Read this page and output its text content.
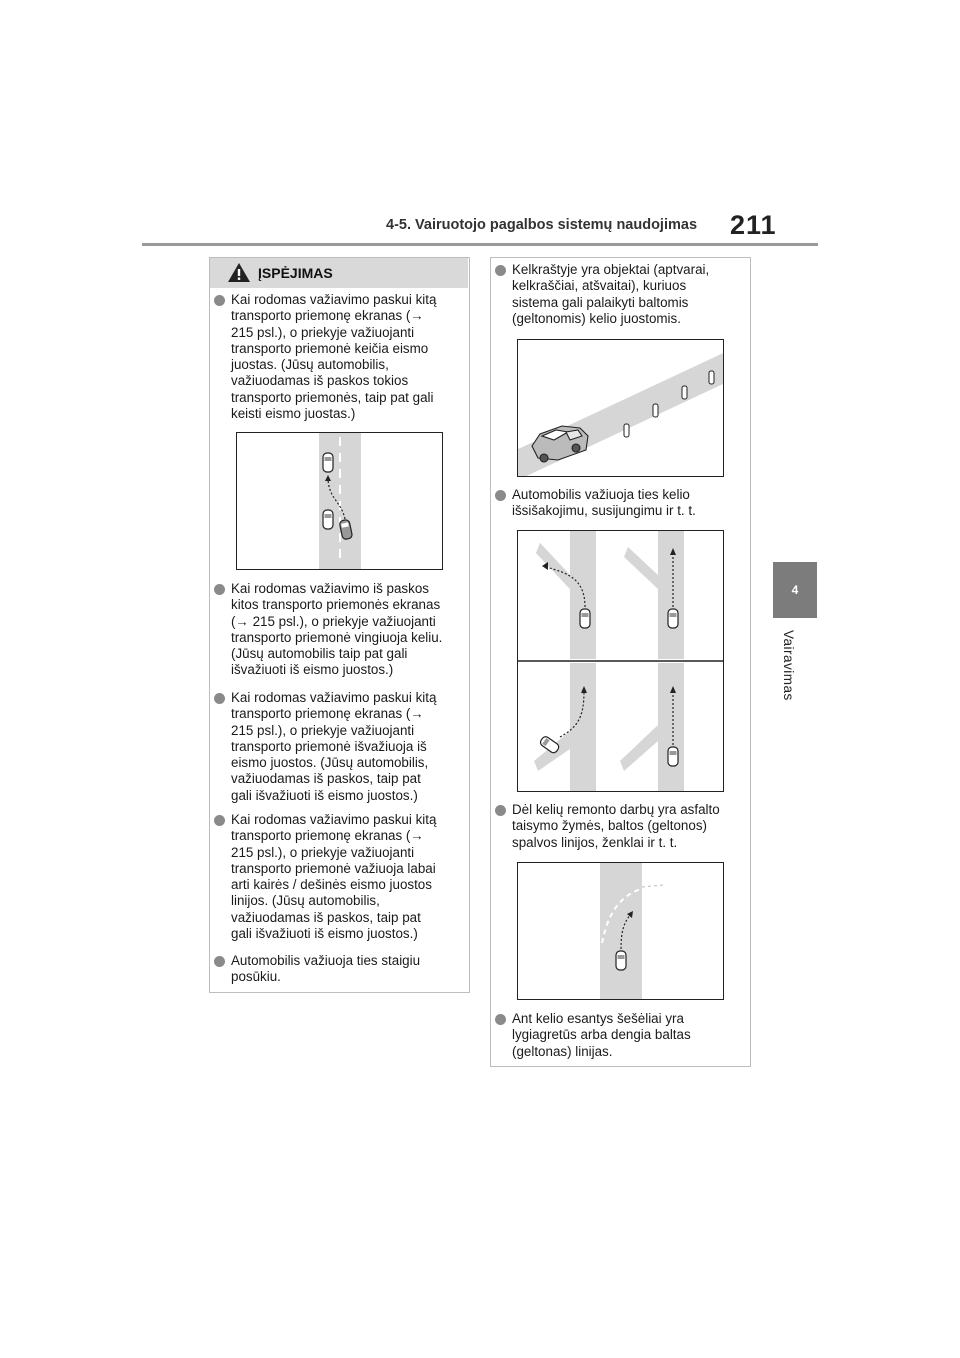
4-5. Vairuotojo pagalbos sistemų naudojimas 211
4
Vairavimas
ĮSPĖJIMAS
Kai rodomas važiavimo paskui kitą
transporto priemonę ekranas (→
215 psl.), o priekyje važiuojanti
transporto priemonė keičia eismo
juostas. (Jūsų automobilis,
važiuodamas iš paskos tokios
transporto priemonės, taip pat gali
keisti eismo juostas.)
Kai rodomas važiavimo iš paskos
kitos transporto priemonės ekranas
(→ 215 psl.), o priekyje važiuojanti
transporto priemonė vingiuoja keliu.
(Jūsų automobilis taip pat gali
išvažiuoti iš eismo juostos.)
Kai rodomas važiavimo paskui kitą
transporto priemonę ekranas (→
215 psl.), o priekyje važiuojanti
transporto priemonė išvažiuoja iš
eismo juostos. (Jūsų automobilis,
važiuodamas iš paskos, taip pat
gali išvažiuoti iš eismo juostos.)
Kai rodomas važiavimo paskui kitą
transporto priemonę ekranas (→
215 psl.), o priekyje važiuojanti
transporto priemonė važiuoja labai
arti kairės / dešinės eismo juostos
linijos. (Jūsų automobilis,
važiuodamas iš paskos, taip pat
gali išvažiuoti iš eismo juostos.)
Automobilis važiuoja ties staigiu
posūkiu.
Kelkraštyje yra objektai (aptvarai,
kelkraščiai, atšvaitai), kuriuos
sistema gali palaikyti baltomis
(geltonomis) kelio juostomis.
Automobilis važiuoja ties kelio
išsišakojimu, susijungimu ir t. t.
Dėl kelių remonto darbų yra asfalto
taisymo žymės, baltos (geltonos)
spalvos linijos, ženklai ir t. t.
Ant kelio esantys šešėliai yra
lygiagretūs arba dengia baltas
(geltonas) linijas.
